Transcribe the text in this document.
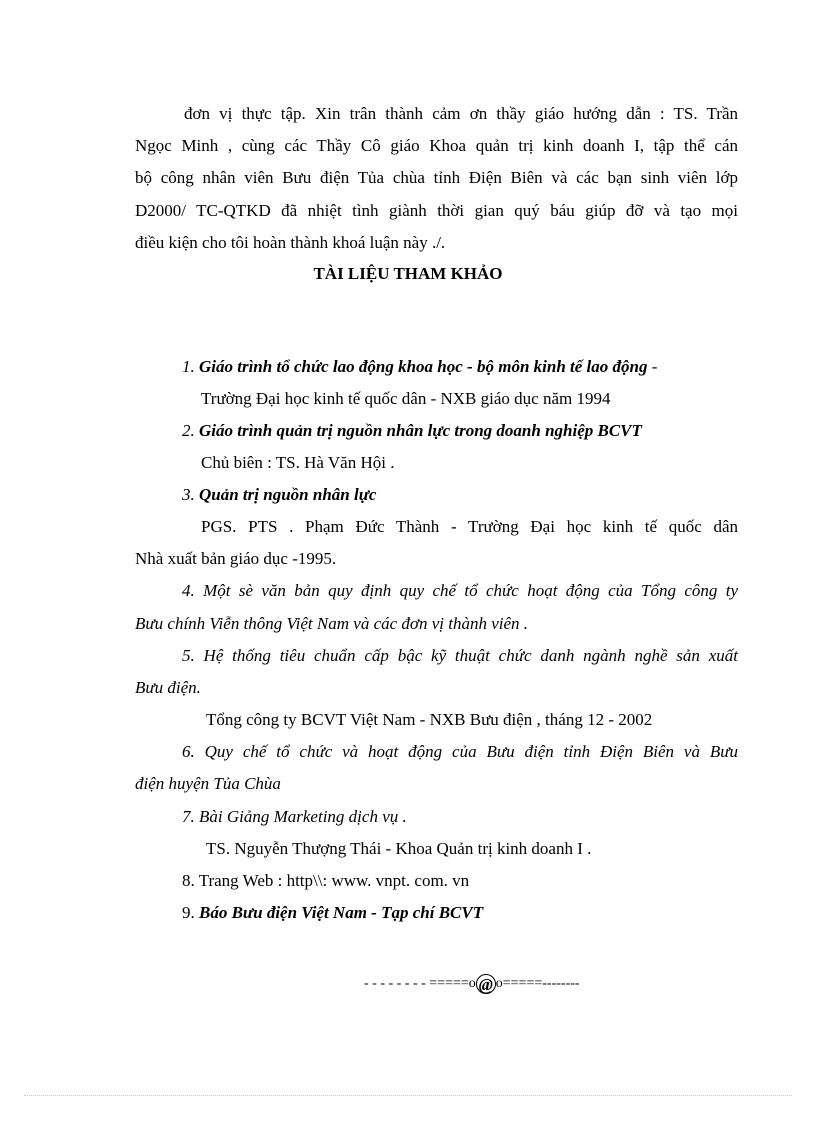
đơn vị thực tập. Xin trân thành cảm ơn thầy giáo hướng dẫn : TS. Trần
Ngọc Minh , cùng các Thầy Cô giáo Khoa quản trị kinh doanh I, tập thể cán
bộ công nhân viên Bưu điện Tủa chùa tỉnh Điện Biên và các bạn sinh viên lớp
D2000/ TC-QTKD đã nhiệt tình giành thời gian quý báu giúp đỡ và tạo mọi
điều kiện cho tôi hoàn thành khoá luận này ./.
TÀI LIỆU THAM KHẢO
1. Giáo trình tổ chức lao động khoa học - bộ môn kinh tế lao động -
Trường Đại học kinh tế quốc dân - NXB giáo dục năm 1994
2. Giáo trình quản trị nguồn nhân lực trong doanh nghiệp BCVT
Chủ biên : TS. Hà Văn Hội .
3. Quản trị nguồn nhân lực
PGS. PTS . Phạm Đức Thành - Trường Đại học kinh tế quốc dân
Nhà xuất bản giáo dục -1995.
4. Một sè văn bản quy định quy chế tổ chức hoạt động của Tổng công ty
Bưu chính Viễn thông Việt Nam và các đơn vị thành viên .
5. Hệ thống tiêu chuẩn cấp bậc kỹ thuật chức danh ngành nghề sản xuất
Bưu điện.
Tổng công ty BCVT Việt Nam - NXB Bưu điện , tháng 12 - 2002
6. Quy chế tổ chức và hoạt động của Bưu điện tỉnh Điện Biên và Bưu
điện huyện Tủa Chùa
7. Bài Giảng Marketing dịch vụ .
TS. Nguyễn Thượng Thái - Khoa Quản trị kinh doanh I .
8. Trang Web : http\\: www. vnpt. com. vn
9. Báo Bưu điện Việt Nam - Tạp chí BCVT
- - - - - - - - =====o @ o=====--------
